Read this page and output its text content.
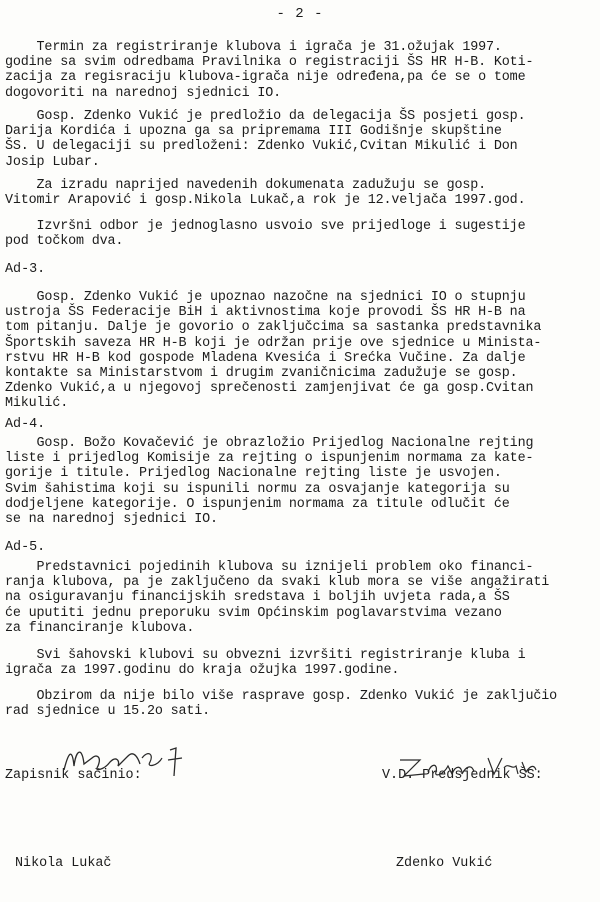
- 2 -
Termin za registriranje klubova i igrača je 31.ožujak 1997.
godine sa svim odredbama Pravilnika o registraciji ŠS HR H-B. Koti-
zacija za regisraciju klubova-igrača nije određena,pa će se o tome
dogovoriti na narednoj sjednici IO.
Gosp. Zdenko Vukić je predložio da delegacija ŠS posjeti gosp.
Darija Kordića i upozna ga sa pripremama III Godišnje skupštine
ŠS. U delegaciji su predloženi: Zdenko Vukić,Cvitan Mikulić i Don
Josip Lubar.
Za izradu naprijed navedenih dokumenata zadužuju se gosp.
Vitomir Arapović i gosp.Nikola Lukač,a rok je 12.veljača 1997.god.
Izvršni odbor je jednoglasno usvoio sve prijedloge i sugestije
pod točkom dva.
Ad-3.
Gosp. Zdenko Vukić je upoznao nazočne na sjednici IO o stupnju
ustroja ŠS Federacije BiH i aktivnostima koje provodi ŠS HR H-B na
tom pitanju. Dalje je govorio o zaključcima sa sastanka predstavnika
Športskih saveza HR H-B koji je održan prije ove sjednice u Minista-
rstvu HR H-B kod gospode Mladena Kvesića i Srećka Vučine. Za dalje
kontakte sa Ministarstvom i drugim zvaničnicima zadužuje se gosp.
Zdenko Vukić,a u njegovoj sprečenosti zamjenjivat će ga gosp.Cvitan
Mikulić.
Ad-4.
Gosp. Božo Kovačević je obrazložio Prijedlog Nacionalne rejting
liste i prijedlog Komisije za rejting o ispunjenim normama za kate-
gorije i titule. Prijedlog Nacionalne rejting liste je usvojen.
Svim šahistima koji su ispunili normu za osvajanje kategorija su
dodjeljene kategorije. O ispunjenim normama za titule odlučit će
se na narednoj sjednici IO.
Ad-5.
Predstavnici pojedinih klubova su iznijeli problem oko financi-
ranja klubova, pa je zaključeno da svaki klub mora se više angažirati
na osiguravanju financijskih sredstava i boljih uvjeta rada,a ŠS
će uputiti jednu preporuku svim Općinskim poglavarstvima vezano
za financiranje klubova.
Svi šahovski klubovi su obvezni izvršiti registriranje kluba i
igrača za 1997.godinu do kraja ožujka 1997.godine.
Obzirom da nije bilo više rasprave gosp. Zdenko Vukić je zaključio
rad sjednice u 15.2o sati.

Zapisnik sačinio:

Nikola Lukač

V.D. Predsjednik ŠS:

Zdenko Vukić
